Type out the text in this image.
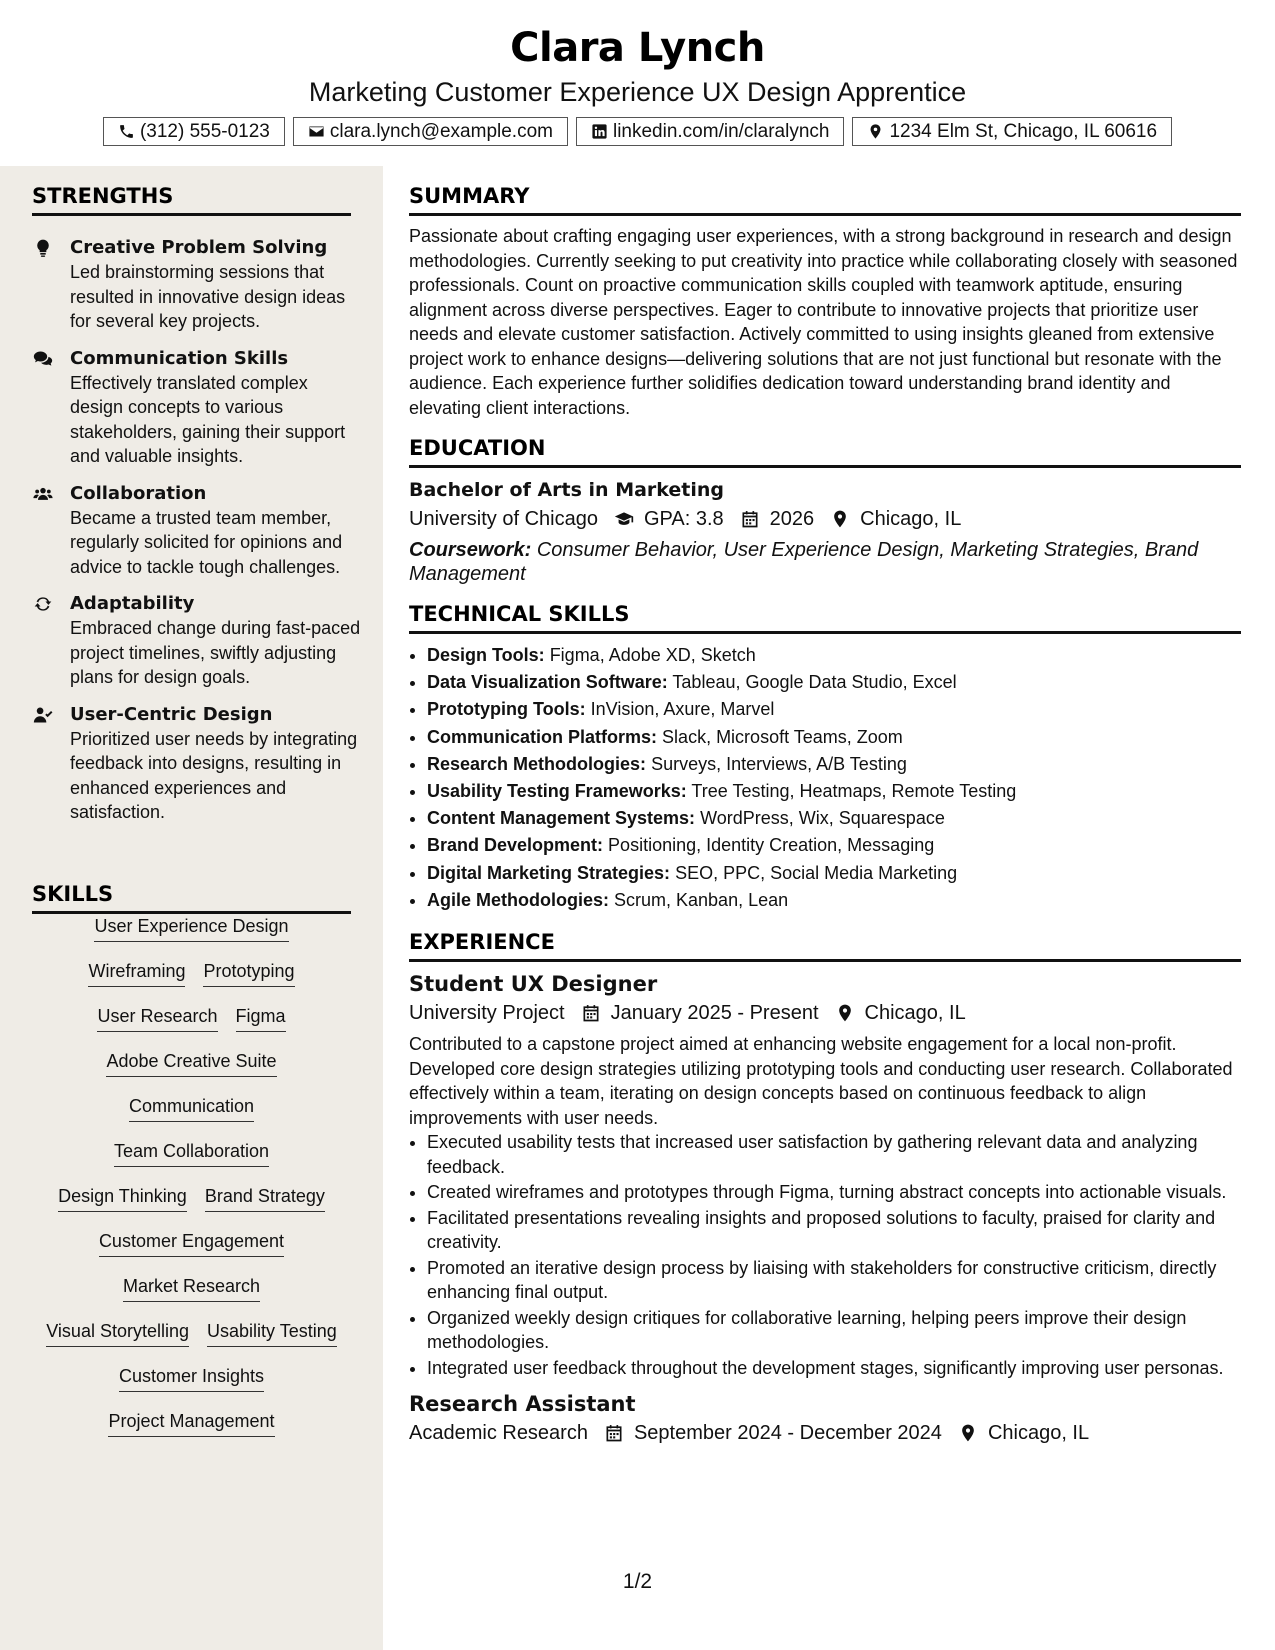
Clara Lynch
Marketing Customer Experience UX Design Apprentice
(312) 555-0123	clara.lynch@example.com	linkedin.com/in/claralynch	1234 Elm St, Chicago, IL 60616
STRENGTHS
Creative Problem Solving
Led brainstorming sessions that resulted in innovative design ideas for several key projects.
Communication Skills
Effectively translated complex design concepts to various stakeholders, gaining their support and valuable insights.
Collaboration
Became a trusted team member, regularly solicited for opinions and advice to tackle tough challenges.
Adaptability
Embraced change during fast-paced project timelines, swiftly adjusting plans for design goals.
User-Centric Design
Prioritized user needs by integrating feedback into designs, resulting in enhanced experiences and satisfaction.
SKILLS
User Experience Design
Wireframing Prototyping
User Research Figma
Adobe Creative Suite
Communication
Team Collaboration
Design Thinking Brand Strategy
Customer Engagement
Market Research
Visual Storytelling Usability Testing
Customer Insights
Project Management
SUMMARY
Passionate about crafting engaging user experiences, with a strong background in research and design methodologies. Currently seeking to put creativity into practice while collaborating closely with seasoned professionals. Count on proactive communication skills coupled with teamwork aptitude, ensuring alignment across diverse perspectives. Eager to contribute to innovative projects that prioritize user needs and elevate customer satisfaction. Actively committed to using insights gleaned from extensive project work to enhance designs—delivering solutions that are not just functional but resonate with the audience. Each experience further solidifies dedication toward understanding brand identity and elevating client interactions.
EDUCATION
Bachelor of Arts in Marketing
University of Chicago GPA: 3.8 2026 Chicago, IL
Coursework: Consumer Behavior, User Experience Design, Marketing Strategies, Brand Management
TECHNICAL SKILLS
• Design Tools: Figma, Adobe XD, Sketch
• Data Visualization Software: Tableau, Google Data Studio, Excel
• Prototyping Tools: InVision, Axure, Marvel
• Communication Platforms: Slack, Microsoft Teams, Zoom
• Research Methodologies: Surveys, Interviews, A/B Testing
• Usability Testing Frameworks: Tree Testing, Heatmaps, Remote Testing
• Content Management Systems: WordPress, Wix, Squarespace
• Brand Development: Positioning, Identity Creation, Messaging
• Digital Marketing Strategies: SEO, PPC, Social Media Marketing
• Agile Methodologies: Scrum, Kanban, Lean
EXPERIENCE
Student UX Designer
University Project January 2025 - Present Chicago, IL
Contributed to a capstone project aimed at enhancing website engagement for a local non-profit. Developed core design strategies utilizing prototyping tools and conducting user research. Collaborated effectively within a team, iterating on design concepts based on continuous feedback to align improvements with user needs.
• Executed usability tests that increased user satisfaction by gathering relevant data and analyzing feedback.
• Created wireframes and prototypes through Figma, turning abstract concepts into actionable visuals.
• Facilitated presentations revealing insights and proposed solutions to faculty, praised for clarity and creativity.
• Promoted an iterative design process by liaising with stakeholders for constructive criticism, directly enhancing final output.
• Organized weekly design critiques for collaborative learning, helping peers improve their design methodologies.
• Integrated user feedback throughout the development stages, significantly improving user personas.
Research Assistant
Academic Research September 2024 - December 2024 Chicago, IL
1/2
